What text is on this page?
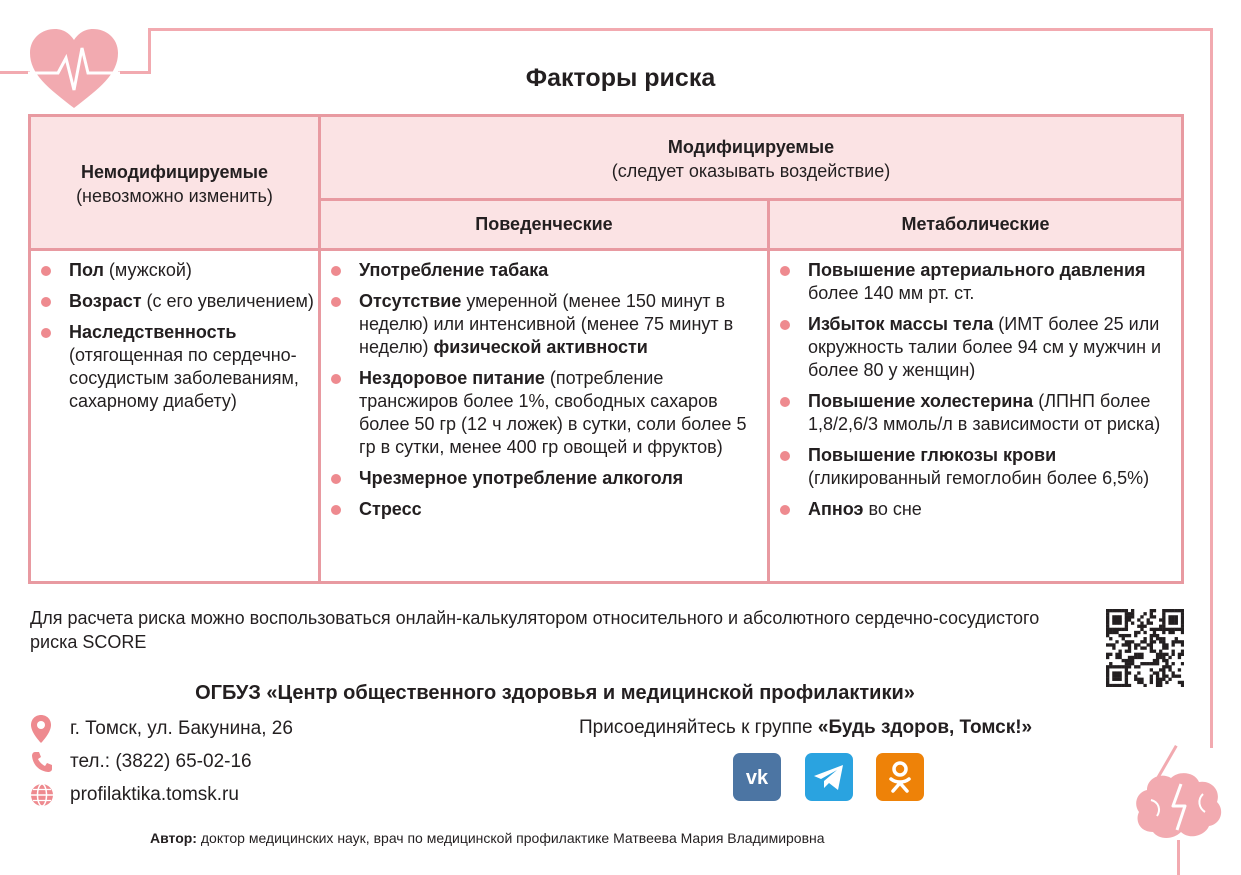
Факторы риска
Немодифицируемые
(невозможно изменить)
Модифицируемые
(следует оказывать воздействие)
Поведенческие	Метаболические
Пол (мужской)
Возраст (с его увеличением)
Наследственность (отягощенная по сердечно-сосудистым заболеваниям, сахарному диабету)
Употребление табака
Отсутствие умеренной (менее 150 минут в неделю) или интенсивной (менее 75 минут в неделю) физической активности
Нездоровое питание (потребление трансжиров более 1%, свободных сахаров более 50 гр (12 ч ложек) в сутки, соли более 5 гр в сутки, менее 400 гр овощей и фруктов)
Чрезмерное употребление алкоголя
Стресс
Повышение артериального давления более 140 мм рт. ст.
Избыток массы тела (ИМТ более 25 или окружность талии более 94 см у мужчин и более 80 у женщин)
Повышение холестерина (ЛПНП более 1,8/2,6/3 ммоль/л в зависимости от риска)
Повышение глюкозы крови (гликированный гемоглобин более 6,5%)
Апноэ во сне
Для расчета риска можно воспользоваться онлайн-калькулятором относительного и абсолютного сердечно-сосудистого риска SCORE
ОГБУЗ «Центр общественного здоровья и медицинской профилактики»
г. Томск, ул. Бакунина, 26
тел.: (3822) 65-02-16
profilaktika.tomsk.ru
Присоединяйтесь к группе «Будь здоров, Томск!»
vk
Автор: доктор медицинских наук, врач по медицинской профилактике Матвеева Мария Владимировна
